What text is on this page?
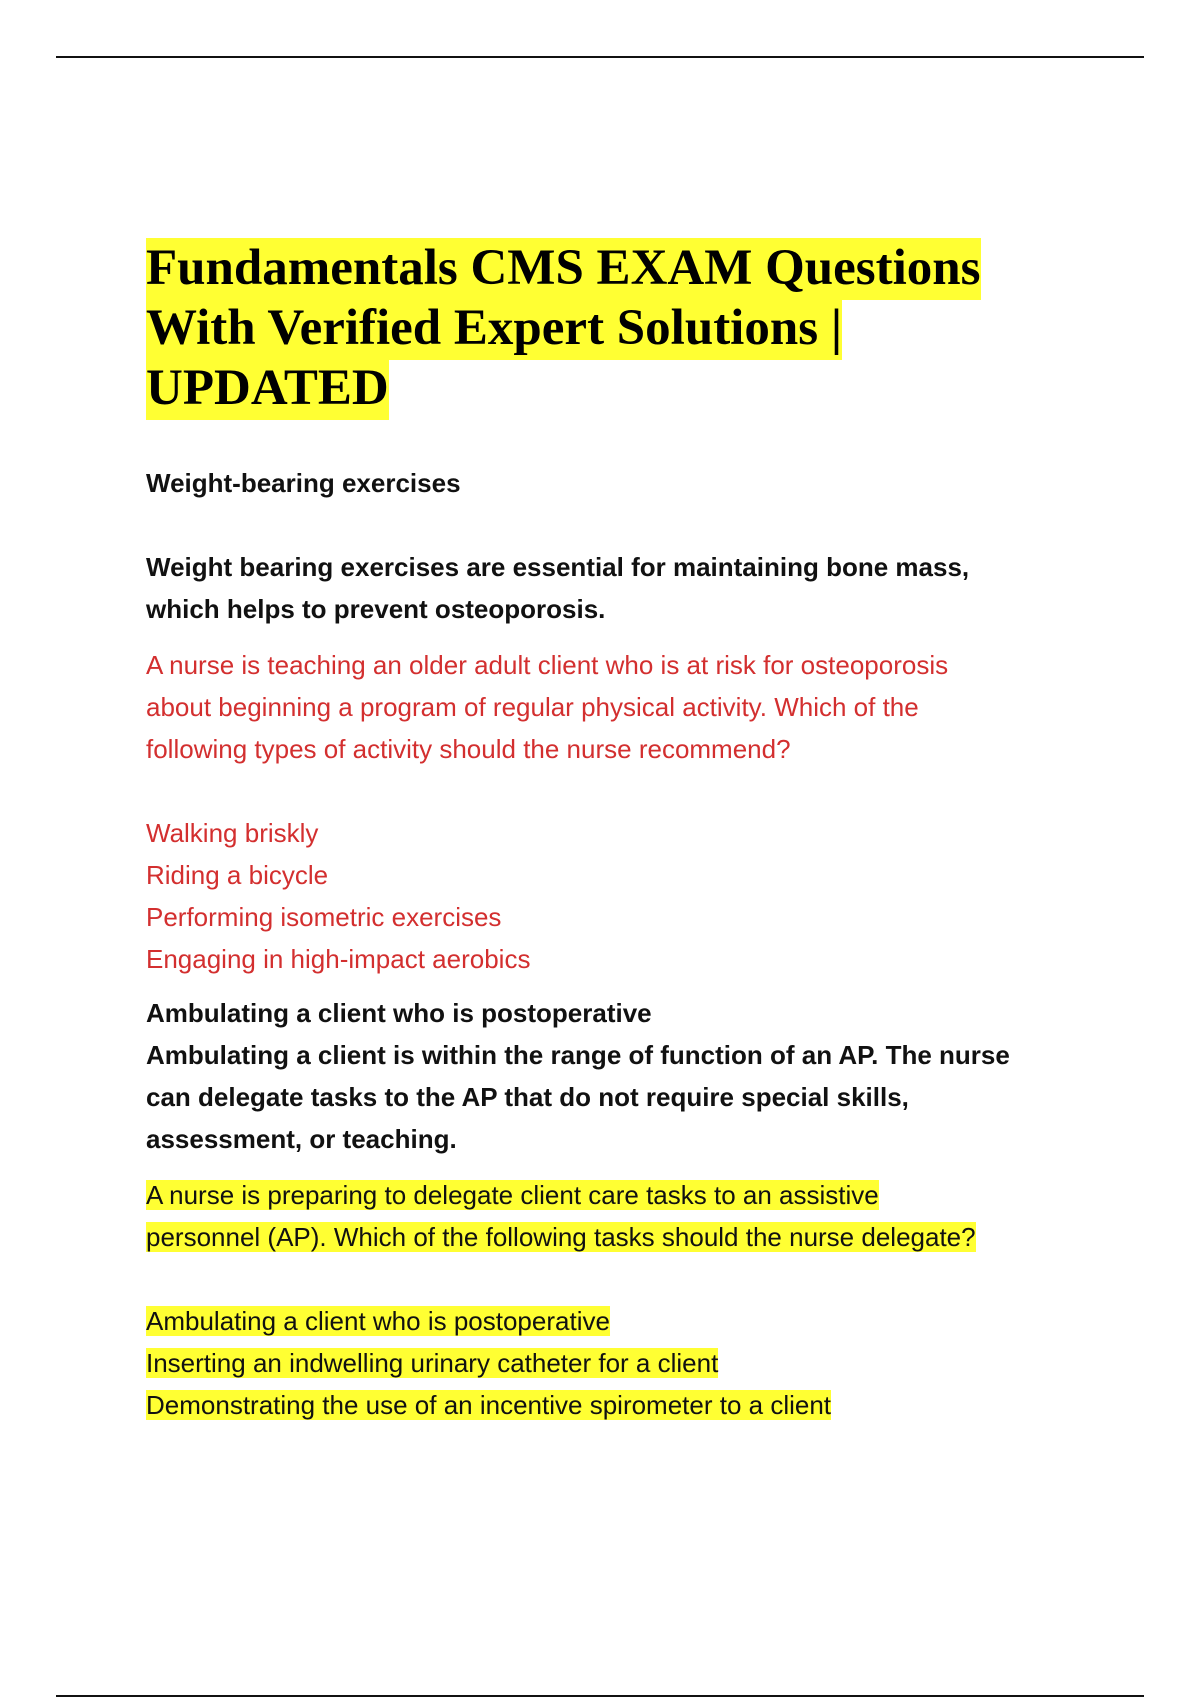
Fundamentals CMS EXAM Questions
With Verified Expert Solutions |
UPDATED
Weight-bearing exercises
Weight bearing exercises are essential for maintaining bone mass,
which helps to prevent osteoporosis.
A nurse is teaching an older adult client who is at risk for osteoporosis
about beginning a program of regular physical activity. Which of the
following types of activity should the nurse recommend?
Walking briskly
Riding a bicycle
Performing isometric exercises
Engaging in high-impact aerobics
Ambulating a client who is postoperative
Ambulating a client is within the range of function of an AP. The nurse
can delegate tasks to the AP that do not require special skills,
assessment, or teaching.
A nurse is preparing to delegate client care tasks to an assistive
personnel (AP). Which of the following tasks should the nurse delegate?
Ambulating a client who is postoperative
Inserting an indwelling urinary catheter for a client
Demonstrating the use of an incentive spirometer to a client
